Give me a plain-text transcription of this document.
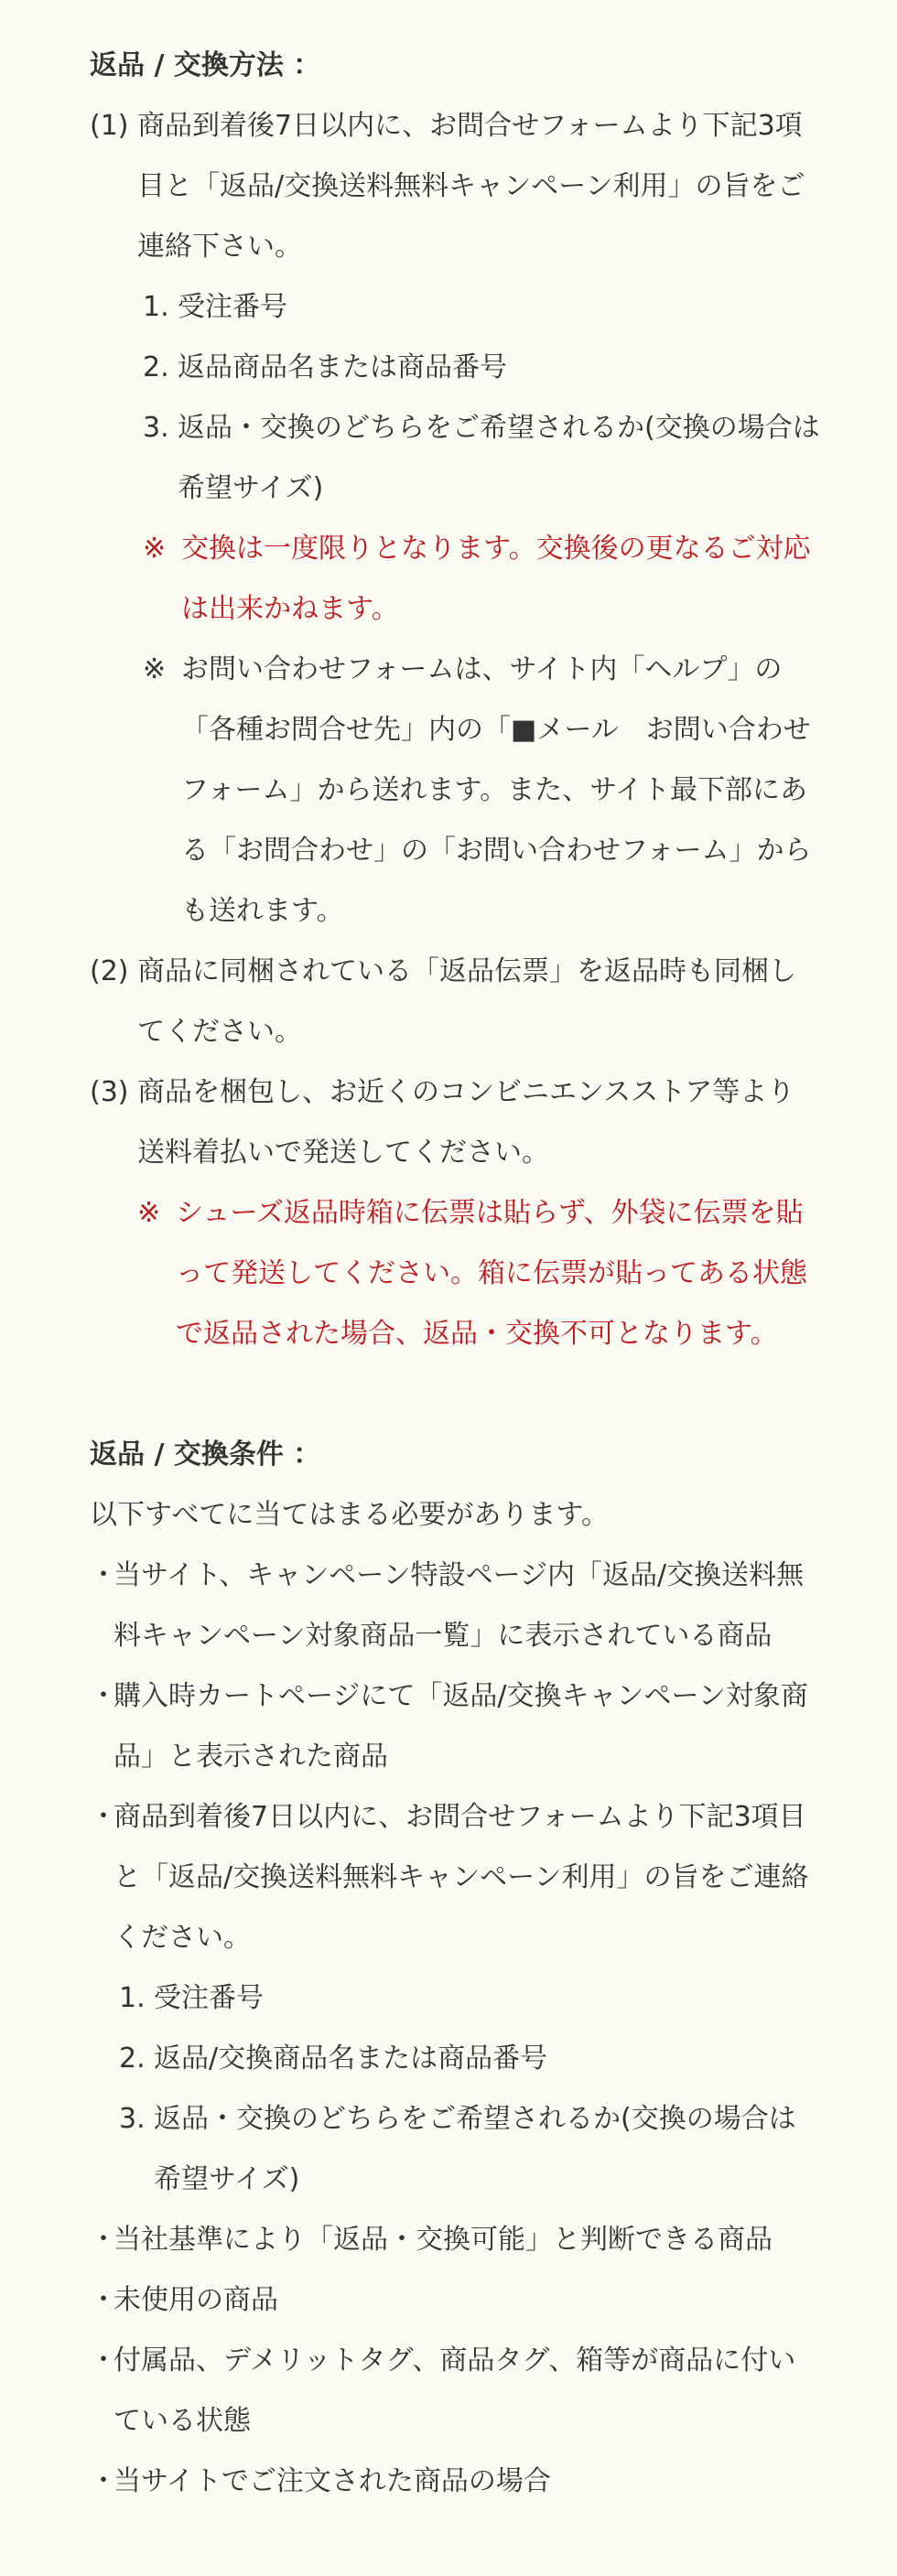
返品 / 交換方法 ：

(1) 商品到着後7日以内に、お問合せフォームより下記3項目と「返品/交換送料無料キャンペーン利用」の旨をご連絡下さい。
1. 受注番号
2. 返品商品名または商品番号
3. 返品・交換のどちらをご希望されるか(交換の場合は希望サイズ)
※ 交換は一度限りとなります。交換後の更なるご対応は出来かねます。
※ お問い合わせフォームは、サイト内「ヘルプ」の「各種お問合せ先」内の「■メール　お問い合わせフォーム」から送れます。また、サイト最下部にある「お問合わせ」の「お問い合わせフォーム」からも送れます。
(2) 商品に同梱されている「返品伝票」を返品時も同梱してください。
(3) 商品を梱包し、お近くのコンビニエンスストア等より送料着払いで発送してください。
※ シューズ返品時箱に伝票は貼らず、外袋に伝票を貼って発送してください。箱に伝票が貼ってある状態で返品された場合、返品・交換不可となります。

返品 / 交換条件 ：

以下すべてに当てはまる必要があります。
・
当サイト、キャンペーン特設ページ内「返品/交換送料無料キャンペーン対象商品一覧」に表示されている商品
・
購入時カートページにて「返品/交換キャンペーン対象商品」と表示された商品
・
商品到着後7日以内に、お問合せフォームより下記3項目と「返品/交換送料無料キャンペーン利用」の旨をご連絡ください。
1. 受注番号
2. 返品/交換商品名または商品番号
3. 返品・交換のどちらをご希望されるか(交換の場合は希望サイズ)
・
当社基準により「返品・交換可能」と判断できる商品
・
未使用の商品
・
付属品、デメリットタグ、商品タグ、箱等が商品に付いている状態
・
当サイトでご注文された商品の場合
